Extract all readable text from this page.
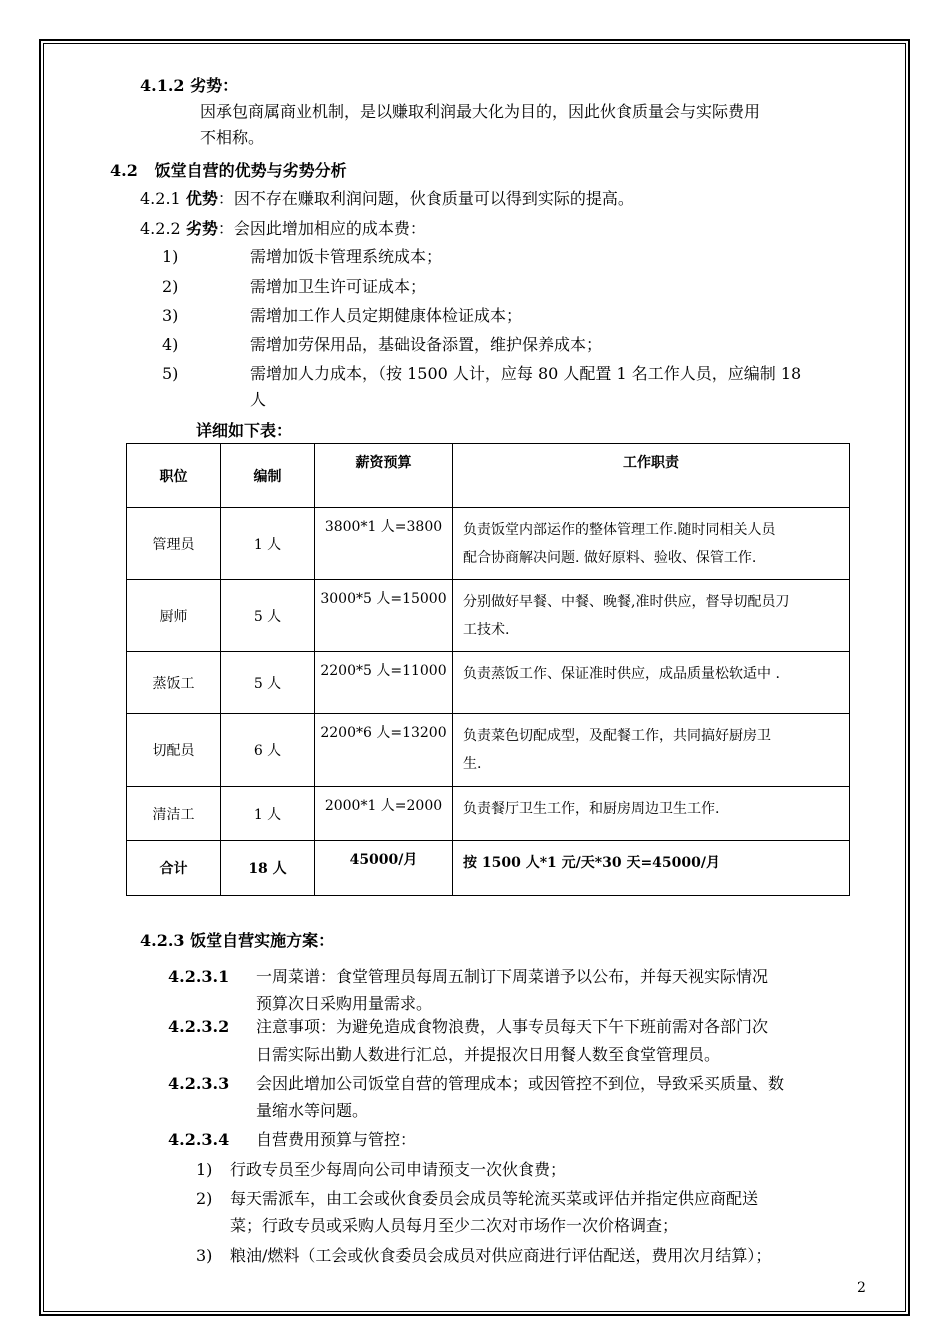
4.1.2 劣势：
因承包商属商业机制，是以赚取利润最大化为目的，因此伙食质量会与实际费用
不相称。
4.2 饭堂自营的优势与劣势分析
4.2.1 优势：因不存在赚取利润问题，伙食质量可以得到实际的提高。
4.2.2 劣势：会因此增加相应的成本费：
1)	需增加饭卡管理系统成本；
2)	需增加卫生许可证成本；
3)	需增加工作人员定期健康体检证成本；
4)	需增加劳保用品，基础设备添置，维护保养成本；
5)	需增加人力成本，（按 1500 人计，应每 80 人配置 1 名工作人员，应编制 18
人
详细如下表：
职位	编制	薪资预算	工作职责
管理员	1 人	3800*1 人=3800	负责饭堂内部运作的整体管理工作.随时同相关人员
配合协商解决问题. 做好原料、验收、保管工作.

厨师	5 人	3000*5 人=15000	分别做好早餐、中餐、晚餐,准时供应，督导切配员刀
工技术.

蒸饭工	5 人	2200*5 人=11000	负责蒸饭工作、保证准时供应，成品质量松软适中 .

切配员	6 人	2200*6 人=13200	负责菜色切配成型，及配餐工作，共同搞好厨房卫
生.

清洁工	1 人	2000*1 人=2000	负责餐厅卫生工作，和厨房周边卫生工作.

合计	18 人	45000/月	按 1500 人*1 元/天*30 天=45000/月
4.2.3 饭堂自营实施方案：
4.2.3.1 一周菜谱：食堂管理员每周五制订下周菜谱予以公布，并每天视实际情况
预算次日采购用量需求。
4.2.3.2 注意事项：为避免造成食物浪费，人事专员每天下午下班前需对各部门次
日需实际出勤人数进行汇总，并提报次日用餐人数至食堂管理员。
4.2.3.3 会因此增加公司饭堂自营的管理成本；或因管控不到位，导致采买质量、数
量缩水等问题。
4.2.3.4 自营费用预算与管控：
1) 行政专员至少每周向公司申请预支一次伙食费；
2) 每天需派车，由工会或伙食委员会成员等轮流买菜或评估并指定供应商配送
菜；行政专员或采购人员每月至少二次对市场作一次价格调查；
3) 粮油/燃料（工会或伙食委员会成员对供应商进行评估配送，费用次月结算）；
2
